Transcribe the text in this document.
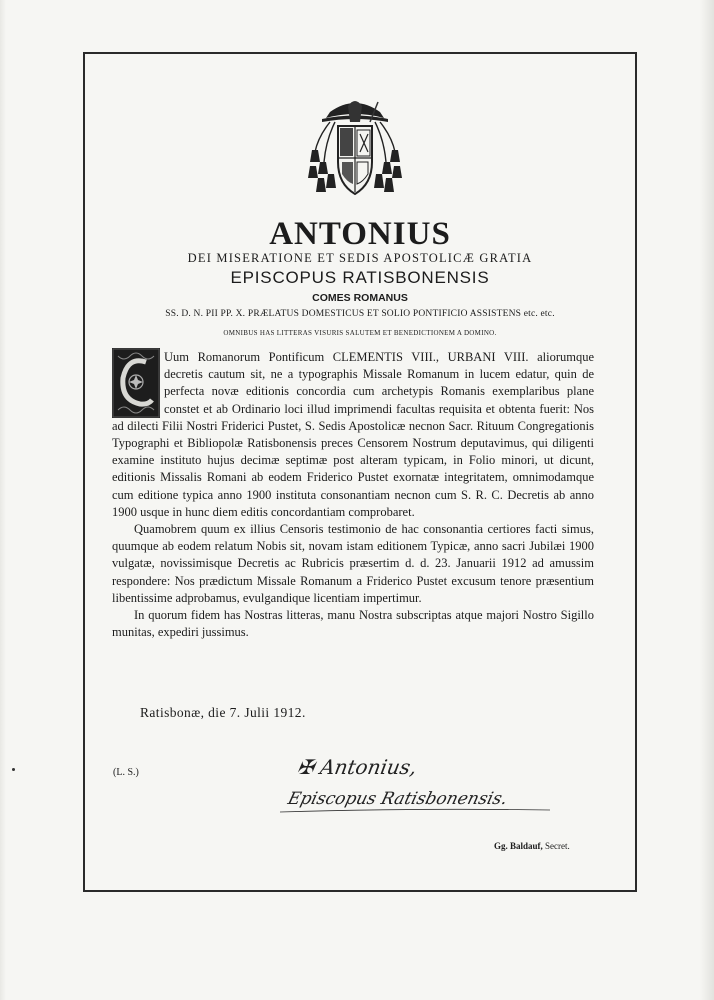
ANTONIUS
DEI MISERATIONE ET SEDIS APOSTOLICÆ GRATIA
EPISCOPUS RATISBONENSIS
COMES ROMANUS
SS. D. N. PII PP. X. PRÆLATUS DOMESTICUS ET SOLIO PONTIFICIO ASSISTENS etc. etc.
OMNIBUS HAS LITTERAS VISURIS SALUTEM ET BENEDICTIONEM A DOMINO.

Uum Romanorum Pontificum CLEMENTIS VIII., URBANI VIII. aliorumque decretis cautum sit, ne a typographis Missale Romanum in lucem edatur, quin de perfecta novæ editionis concordia cum archetypis Romanis exemplaribus plane constet et ab Ordinario loci illud imprimendi facultas requisita et obtenta fuerit: Nos ad dilecti Filii Nostri Friderici Pustet, S. Sedis Apostolicæ necnon Sacr. Rituum Congregationis Typographi et Bibliopolæ Ratisbonensis preces Censorem Nostrum deputavimus, qui diligenti examine instituto hujus decimæ septimæ post alteram typicam, in Folio minori, ut dicunt, editionis Missalis Romani ab eodem Friderico Pustet exornatæ integritatem, omnimodamque cum editione typica anno 1900 instituta consonantiam necnon cum S. R. C. Decretis ab anno 1900 usque in hunc diem editis concordantiam comprobaret.

Quamobrem quum ex illius Censoris testimonio de hac consonantia certiores facti simus, quumque ab eodem relatum Nobis sit, novam istam editionem Typicæ, anno sacri Jubilæi 1900 vulgatæ, novissimisque Decretis ac Rubricis præsertim d. d. 23. Januarii 1912 ad amussim respondere: Nos prædictum Missale Romanum a Friderico Pustet excusum tenore præsentium libentissime adprobamus, evulgandique licentiam impertimur.

In quorum fidem has Nostras litteras, manu Nostra subscriptas atque majori Nostro Sigillo munitas, expediri jussimus.

Ratisbonæ, die 7. Julii 1912.
(L. S.)	✠ Antonius,
Episcopus Ratisbonensis.
Gg. Baldauf, Secret.
